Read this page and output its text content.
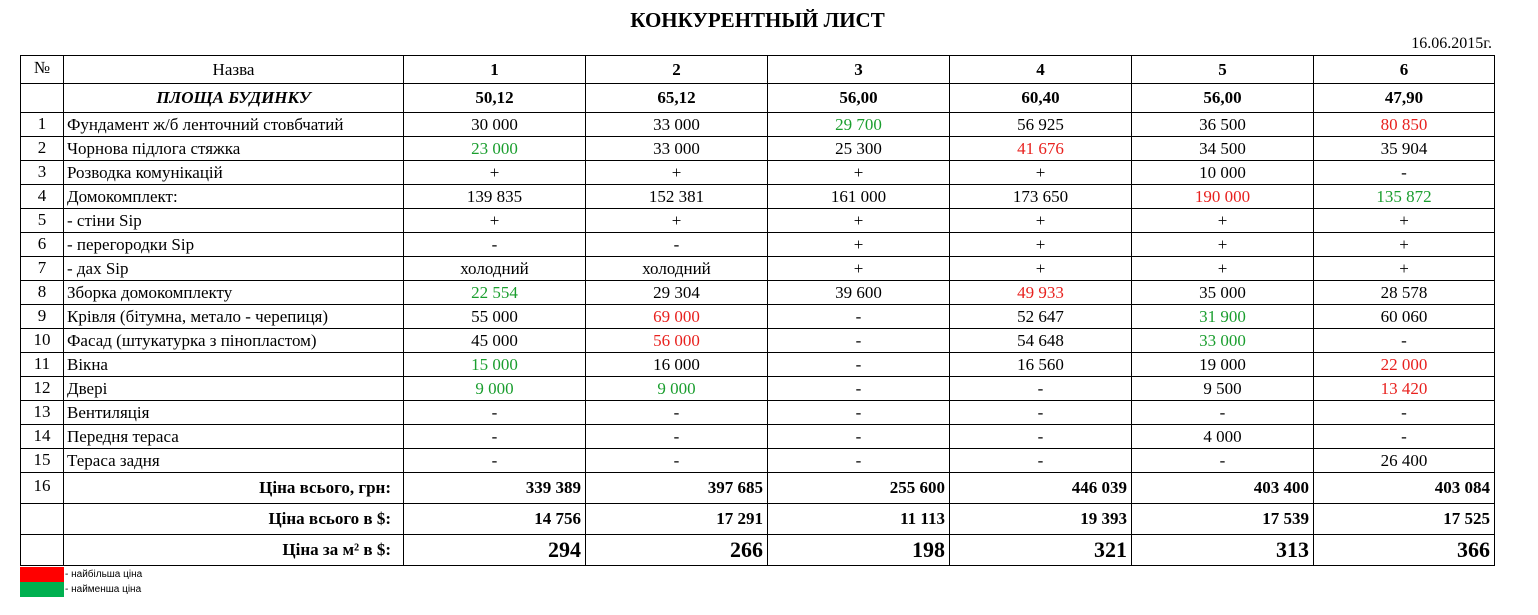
КОНКУРЕНТНЫЙ ЛИСТ
16.06.2015г.
№	Назва	1	2	3	4	5	6
	ПЛОЩА БУДИНКУ	50,12	65,12	56,00	60,40	56,00	47,90
1	Фундамент ж/б ленточний стовбчатий	30 000	33 000	29 700	56 925	36 500	80 850
2	Чорнова підлога стяжка	23 000	33 000	25 300	41 676	34 500	35 904
3	Розводка комунікацій	+	+	+	+	10 000	-
4	Домокомплект:	139 835	152 381	161 000	173 650	190 000	135 872
5	- стіни Sip	+	+	+	+	+	+
6	- перегородки Sip	-	-	+	+	+	+
7	- дах Sip	холодний	холодний	+	+	+	+
8	Зборка домокомплекту	22 554	29 304	39 600	49 933	35 000	28 578
9	Крівля (бітумна, метало - черепиця)	55 000	69 000	-	52 647	31 900	60 060
10	Фасад (штукатурка з пінопластом)	45 000	56 000	-	54 648	33 000	-
11	Вікна	15 000	16 000	-	16 560	19 000	22 000
12	Двері	9 000	9 000	-	-	9 500	13 420
13	Вентиляція	-	-	-	-	-	-
14	Передня тераса	-	-	-	-	4 000	-
15	Тераса задня	-	-	-	-	-	26 400
16	Ціна всього, грн:	339 389	397 685	255 600	446 039	403 400	403 084
	Ціна всього в $:	14 756	17 291	11 113	19 393	17 539	17 525
	Ціна за м² в $:	294	266	198	321	313	366
- найбільша ціна
- найменша ціна
